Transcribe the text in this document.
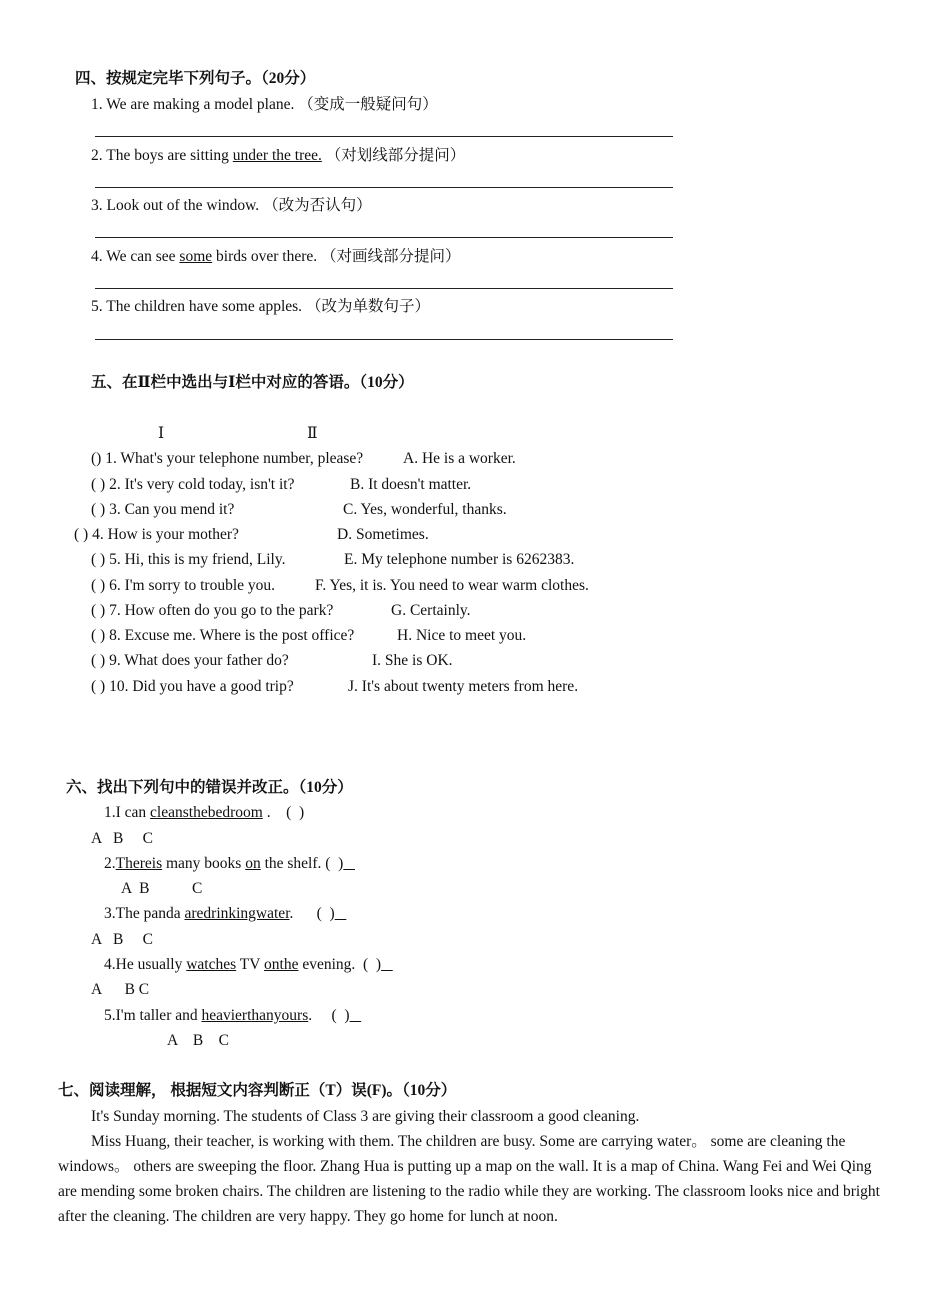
四、按规定完毕下列句子。（20分）
1. We are making a model plane. （变成一般疑问句）
2. The boys are sitting under the tree. （对划线部分提问）
3. Look out of the window. （改为否认句）
4. We can see some birds over there. （对画线部分提问）
5. The children have some apples. （改为单数句子）
五、在Ⅱ栏中选出与Ⅰ栏中对应的答语。（10分）
Ⅰ	Ⅱ
() 1. What's your telephone number, please?	A. He is a worker.
( ) 2. It's very cold today, isn't it?	B. It doesn't matter.
( ) 3. Can you mend it?	C. Yes, wonderful, thanks.
( ) 4. How is your mother?	D. Sometimes.
( ) 5. Hi, this is my friend, Lily.	E. My telephone number is 6262383.
( ) 6. I'm sorry to trouble you.	F. Yes, it is. You need to wear warm clothes.
( ) 7. How often do you go to the park?	G. Certainly.
( ) 8. Excuse me. Where is the post office?	H. Nice to meet you.
( ) 9. What does your father do?	I. She is OK.
( ) 10. Did you have a good trip?	J. It's about twenty meters from here.
六、找出下列句中的错误并改正。（10分）
1.I can cleansthebedroom .    (  )
A   B     C
2.Thereis many books on the shelf. (  )
A  B           C
3.The panda aredrinkingwater.      (  )
A   B     C
4.He usually watches TV onthe evening.  (  )
A      B C
5.I'm taller and heavierthanyours.     (  )
A    B    C
七、阅读理解， 根据短文内容判断正（T）误(F)。（10分）
It's Sunday morning. The students of Class 3 are giving their classroom a good cleaning.
Miss Huang, their teacher, is working with them. The children are busy. Some are carrying water。 some are cleaning the windows。 others are sweeping the floor. Zhang Hua is putting up a map on the wall. It is a map of China. Wang Fei and Wei Qing are mending some broken chairs. The children are listening to the radio while they are working. The classroom looks nice and bright after the cleaning. The children are very happy. They go home for lunch at noon.
